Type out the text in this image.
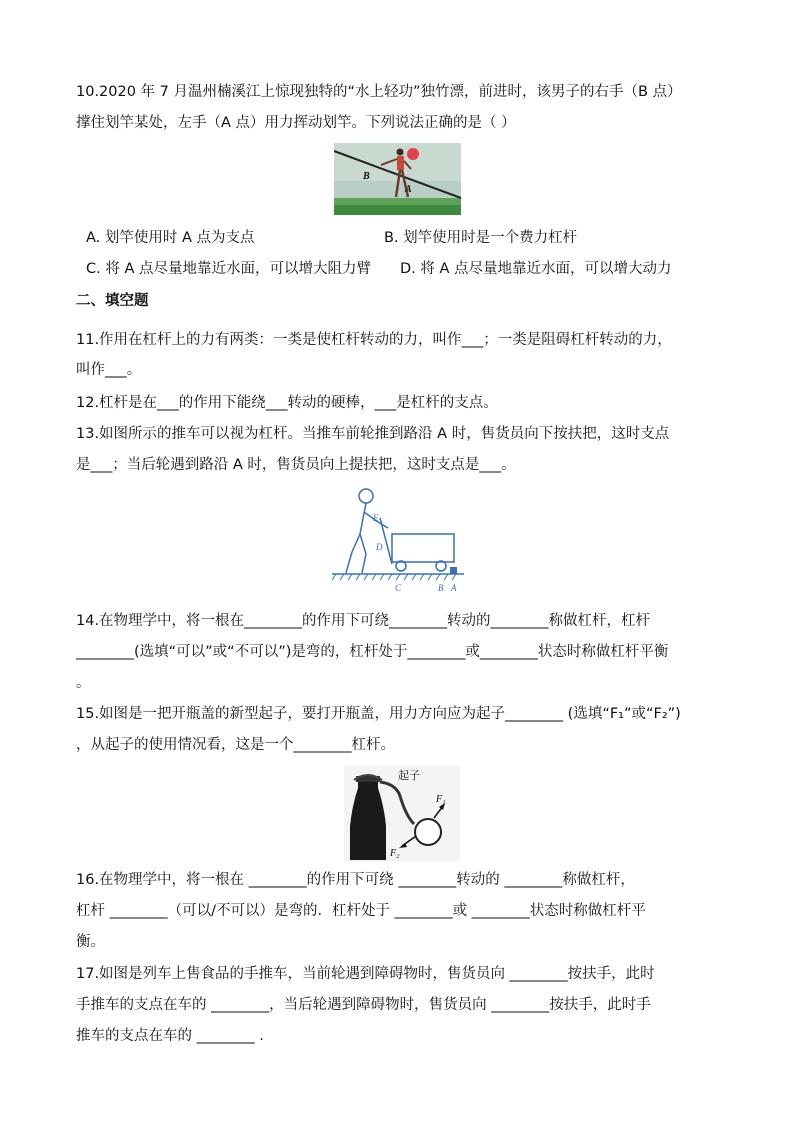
10.2020 年 7 月温州楠溪江上惊现独特的“水上轻功”独竹漂，前进时，该男子的右手（B 点）
撑住划竿某处，左手（A 点）用力挥动划竿。下列说法正确的是（ ）
B
A
A. 划竿使用时 A 点为支点	B. 划竿使用时是一个费力杠杆
C. 将 A 点尽量地靠近水面，可以增大阻力臂 D. 将 A 点尽量地靠近水面，可以增大动力
二、填空题
11.作用在杠杆上的力有两类：一类是使杠杆转动的力，叫作___；一类是阻碍杠杆转动的力，
叫作___。
12.杠杆是在___的作用下能绕___转动的硬棒，___是杠杆的支点。
13.如图所示的推车可以视为杠杆。当推车前轮推到路沿 A 时，售货员向下按扶把，这时支点
是___；当后轮遇到路沿 A 时，售货员向上提扶把，这时支点是___。
E
D
C	B A
14.在物理学中，将一根在________的作用下可绕________转动的________称做杠杆，杠杆
________(选填“可以”或“不可以”)是弯的，杠杆处于________或________状态时称做杠杆平衡
。
15.如图是一把开瓶盖的新型起子，要打开瓶盖，用力方向应为起子________ (选填“F₁”或“F₂”)
，从起子的使用情况看，这是一个________杠杆。
起子
F₁
F₂
16.在物理学中，将一根在 ________的作用下可绕 ________转动的 ________称做杠杆，
杠杆 ________（可以/不可以）是弯的．杠杆处于 ________或 ________状态时称做杠杆平
衡。
17.如图是列车上售食品的手推车，当前轮遇到障碍物时，售货员向 ________按扶手，此时
手推车的支点在车的 ________，当后轮遇到障碍物时，售货员向 ________按扶手，此时手
推车的支点在车的 ________ .
